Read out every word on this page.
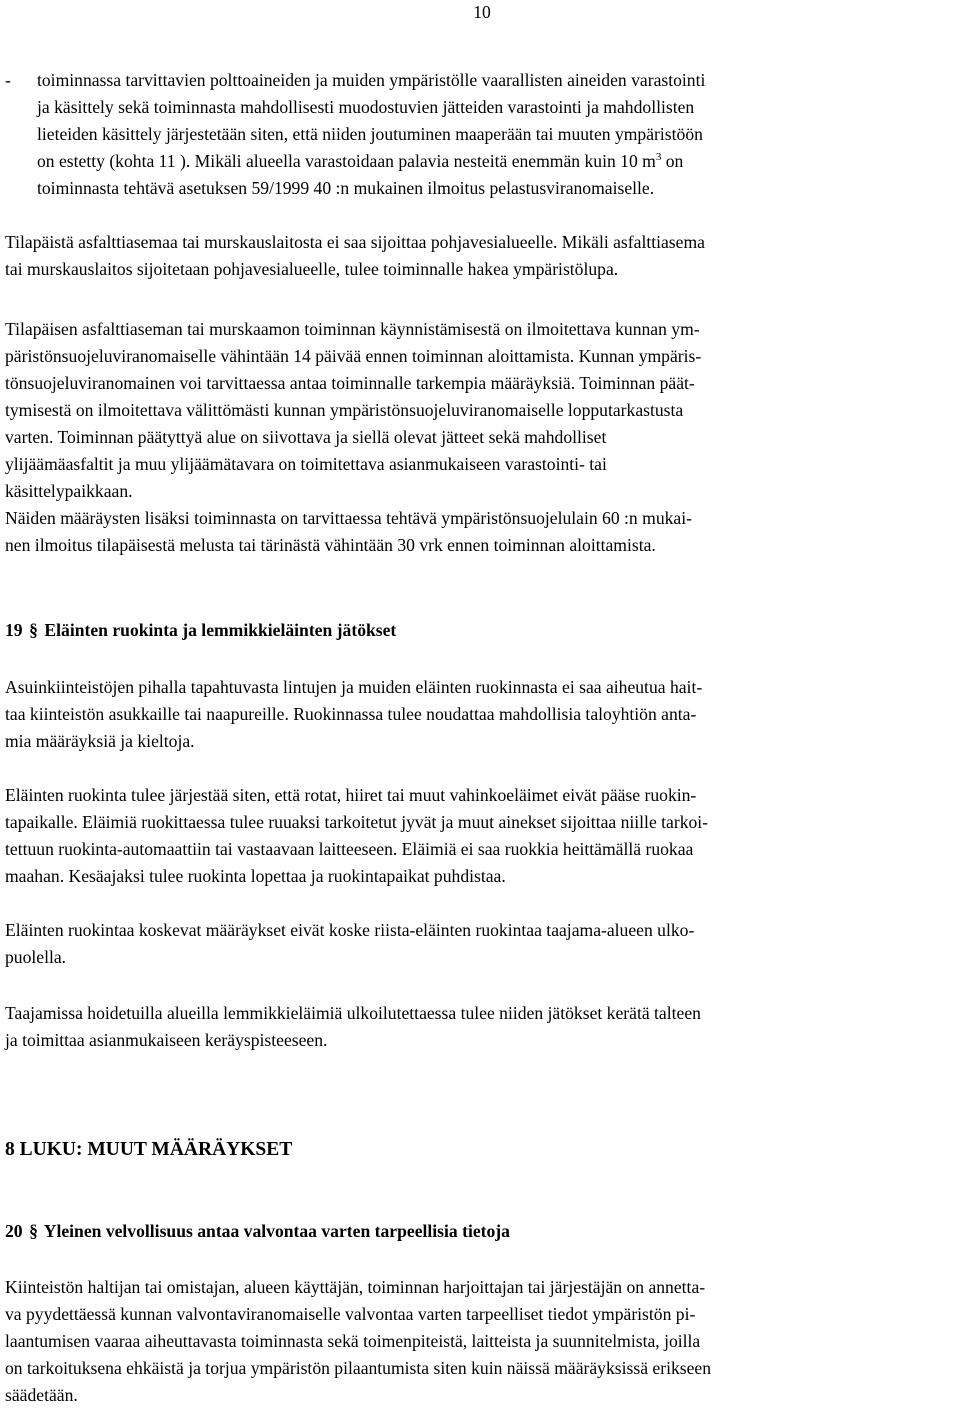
10
- toiminnassa tarvittavien polttoaineiden ja muiden ympäristölle vaarallisten aineiden varastointi
ja käsittely sekä toiminnasta mahdollisesti muodostuvien jätteiden varastointi ja mahdollisten
lieteiden käsittely järjestetään siten, että niiden joutuminen maaperään tai muuten ympäristöön
on estetty (kohta 11 ). Mikäli alueella varastoidaan palavia nesteitä enemmän kuin 10 $m^3$ on
toiminnasta tehtävä asetuksen 59/1999 40 :n mukainen ilmoitus pelastusviranomaiselle.
Tilapäistä asfalttiasemaa tai murskauslaitosta ei saa sijoittaa pohjavesialueelle. Mikäli asfalttiasema
tai murskauslaitos sijoitetaan pohjavesialueelle, tulee toiminnalle hakea ympäristölupa.
Tilapäisen asfalttiaseman tai murskaamon toiminnan käynnistämisestä on ilmoitettava kunnan ym-
päristönsuojeluviranomaiselle vähintään 14 päivää ennen toiminnan aloittamista. Kunnan ympäris-
tönsuojeluviranomainen voi tarvittaessa antaa toiminnalle tarkempia määräyksiä. Toiminnan päät-
tymisestä on ilmoitettava välittömästi kunnan ympäristönsuojeluviranomaiselle lopputarkastusta
varten. Toiminnan päätyttyä alue on siivottava ja siellä olevat jätteet sekä mahdolliset
ylijäämäasfaltit ja muu ylijäämätavara on toimitettava asianmukaiseen varastointi- tai
käsittelypaikkaan.
Näiden määräysten lisäksi toiminnasta on tarvittaessa tehtävä ympäristönsuojelulain 60 :n mukai-
nen ilmoitus tilapäisestä melusta tai tärinästä vähintään 30 vrk ennen toiminnan aloittamista.
19 § Eläinten ruokinta ja lemmikkieläinten jätökset
Asuinkiinteistöjen pihalla tapahtuvasta lintujen ja muiden eläinten ruokinnasta ei saa aiheutua hait-
taa kiinteistön asukkaille tai naapureille. Ruokinnassa tulee noudattaa mahdollisia taloyhtiön anta-
mia määräyksiä ja kieltoja.
Eläinten ruokinta tulee järjestää siten, että rotat, hiiret tai muut vahinkoeläimet eivät pääse ruokin-
tapaikalle. Eläimiä ruokittaessa tulee ruuaksi tarkoitetut jyvät ja muut ainekset sijoittaa niille tarkoi-
tettuun ruokinta-automaattiin tai vastaavaan laitteeseen. Eläimiä ei saa ruokkia heittämällä ruokaa
maahan. Kesäajaksi tulee ruokinta lopettaa ja ruokintapaikat puhdistaa.
Eläinten ruokintaa koskevat määräykset eivät koske riista-eläinten ruokintaa taajama-alueen ulko-
puolella.
Taajamissa hoidetuilla alueilla lemmikkieläimiä ulkoilutettaessa tulee niiden jätökset kerätä talteen
ja toimittaa asianmukaiseen keräyspisteeseen.
8 LUKU: MUUT MÄÄRÄYKSET
20 § Yleinen velvollisuus antaa valvontaa varten tarpeellisia tietoja
Kiinteistön haltijan tai omistajan, alueen käyttäjän, toiminnan harjoittajan tai järjestäjän on annetta-
va pyydettäessä kunnan valvontaviranomaiselle valvontaa varten tarpeelliset tiedot ympäristön pi-
laantumisen vaaraa aiheuttavasta toiminnasta sekä toimenpiteistä, laitteista ja suunnitelmista, joilla
on tarkoituksena ehkäistä ja torjua ympäristön pilaantumista siten kuin näissä määräyksissä erikseen
säädetään.
